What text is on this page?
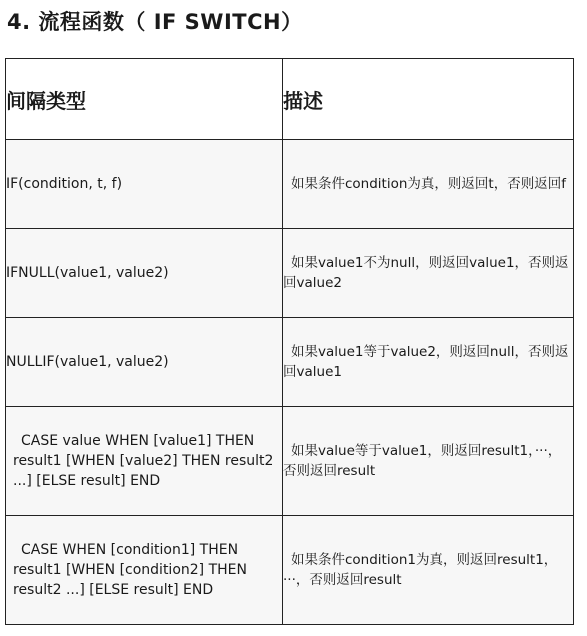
4. 流程函数（ IF SWITCH）
间隔类型	描述

IF(condition, t, f)	如果条件condition为真，则返回t，否则返回f

IFNULL(value1, value2)	如果value1不为null，则返回value1，否则返回value2

NULLIF(value1, value2)	如果value1等于value2，则返回null，否则返回value1

CASE value WHEN [value1] THEN result1 [WHEN [value2] THEN result2 ...] [ELSE result] END	如果value等于value1，则返回result1，···，否则返回result

CASE WHEN [condition1] THEN result1 [WHEN [condition2] THEN result2 ...] [ELSE result] END	如果条件condition1为真，则返回result1，···，否则返回result
